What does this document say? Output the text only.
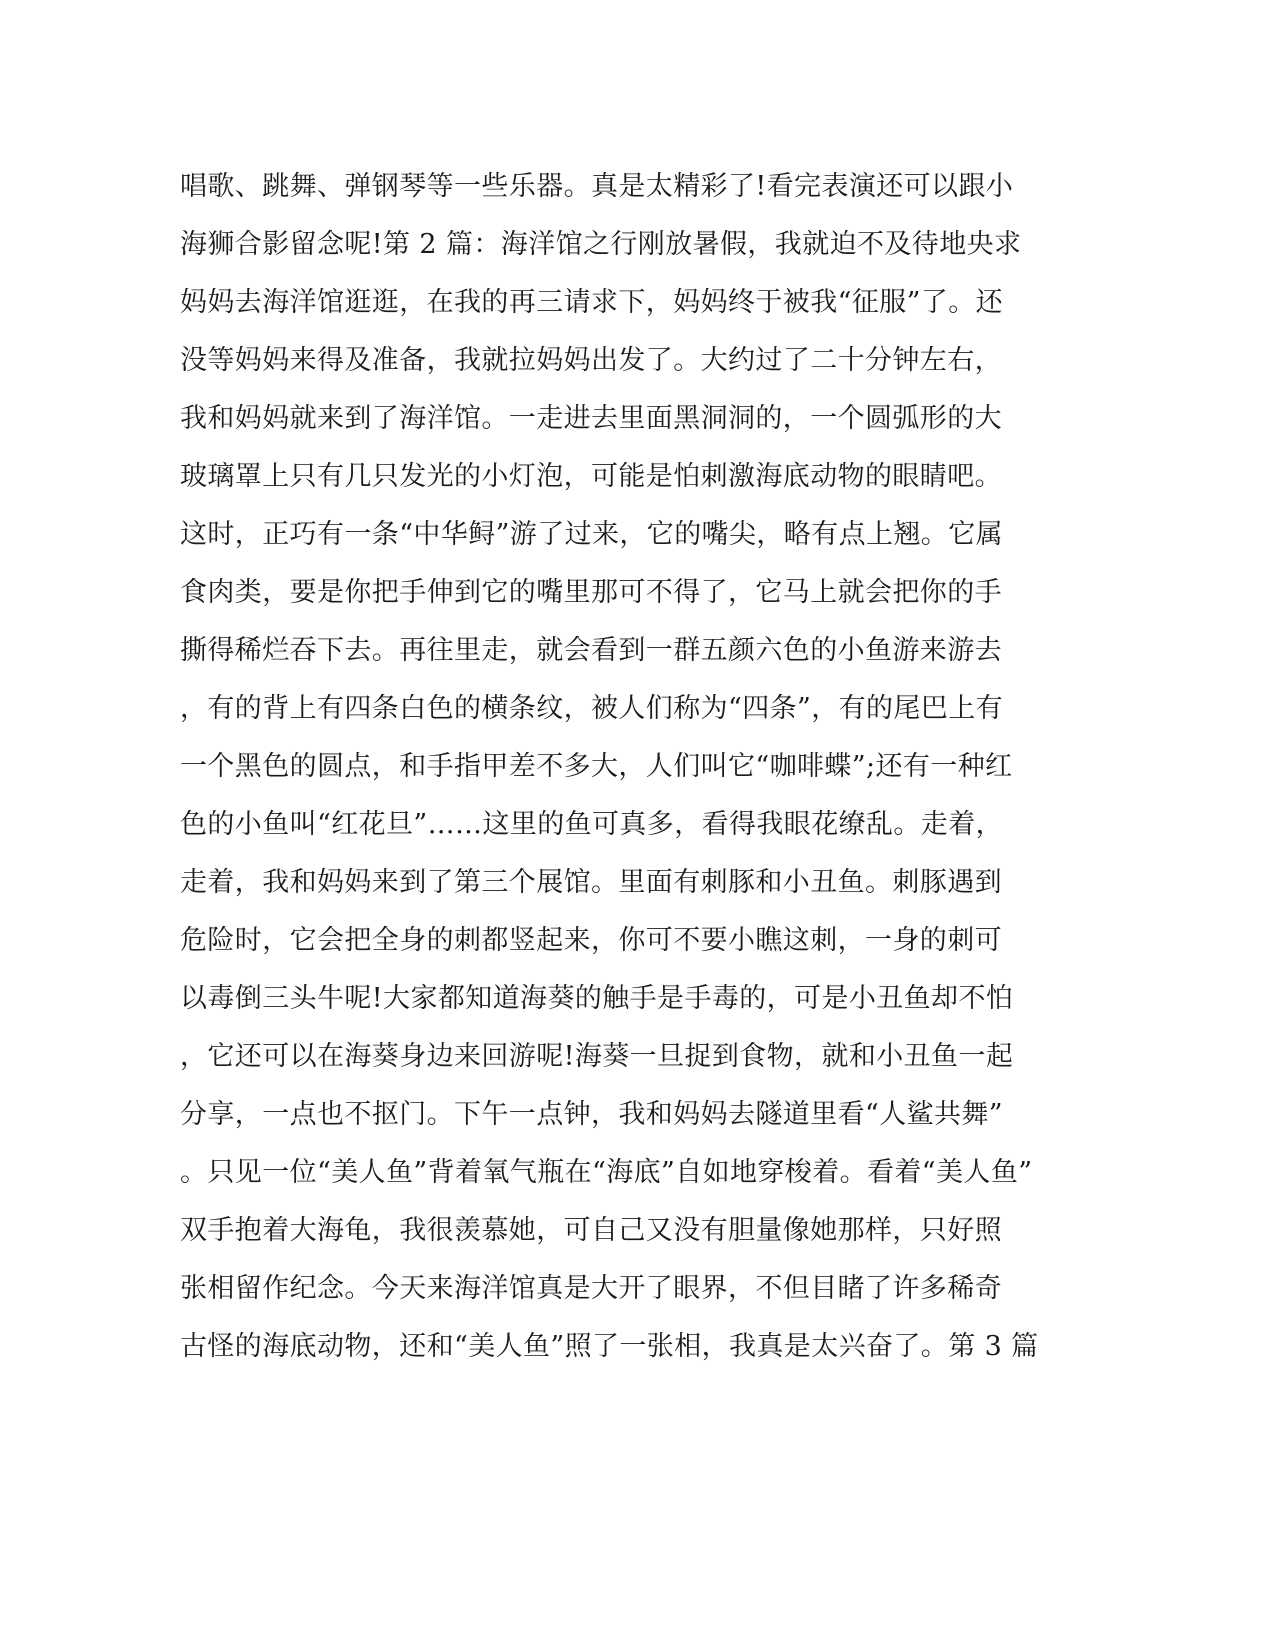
唱歌、跳舞、弹钢琴等一些乐器。真是太精彩了!看完表演还可以跟小
海狮合影留念呢!第 2 篇：海洋馆之行刚放暑假，我就迫不及待地央求
妈妈去海洋馆逛逛，在我的再三请求下，妈妈终于被我“征服”了。还
没等妈妈来得及准备，我就拉妈妈出发了。大约过了二十分钟左右，
我和妈妈就来到了海洋馆。一走进去里面黑洞洞的，一个圆弧形的大
玻璃罩上只有几只发光的小灯泡，可能是怕刺激海底动物的眼睛吧。
这时，正巧有一条“中华鲟”游了过来，它的嘴尖，略有点上翘。它属
食肉类，要是你把手伸到它的嘴里那可不得了，它马上就会把你的手
撕得稀烂吞下去。再往里走，就会看到一群五颜六色的小鱼游来游去
，有的背上有四条白色的横条纹，被人们称为“四条”，有的尾巴上有
一个黑色的圆点，和手指甲差不多大，人们叫它“咖啡蝶”;还有一种红
色的小鱼叫“红花旦”……这里的鱼可真多，看得我眼花缭乱。走着，
走着，我和妈妈来到了第三个展馆。里面有刺豚和小丑鱼。刺豚遇到
危险时，它会把全身的刺都竖起来，你可不要小瞧这刺，一身的刺可
以毒倒三头牛呢!大家都知道海葵的触手是手毒的，可是小丑鱼却不怕
，它还可以在海葵身边来回游呢!海葵一旦捉到食物，就和小丑鱼一起
分享，一点也不抠门。下午一点钟，我和妈妈去隧道里看“人鲨共舞”
。只见一位“美人鱼”背着氧气瓶在“海底”自如地穿梭着。看着“美人鱼”
双手抱着大海龟，我很羡慕她，可自己又没有胆量像她那样，只好照
张相留作纪念。今天来海洋馆真是大开了眼界，不但目睹了许多稀奇
古怪的海底动物，还和“美人鱼”照了一张相，我真是太兴奋了。第 3 篇
